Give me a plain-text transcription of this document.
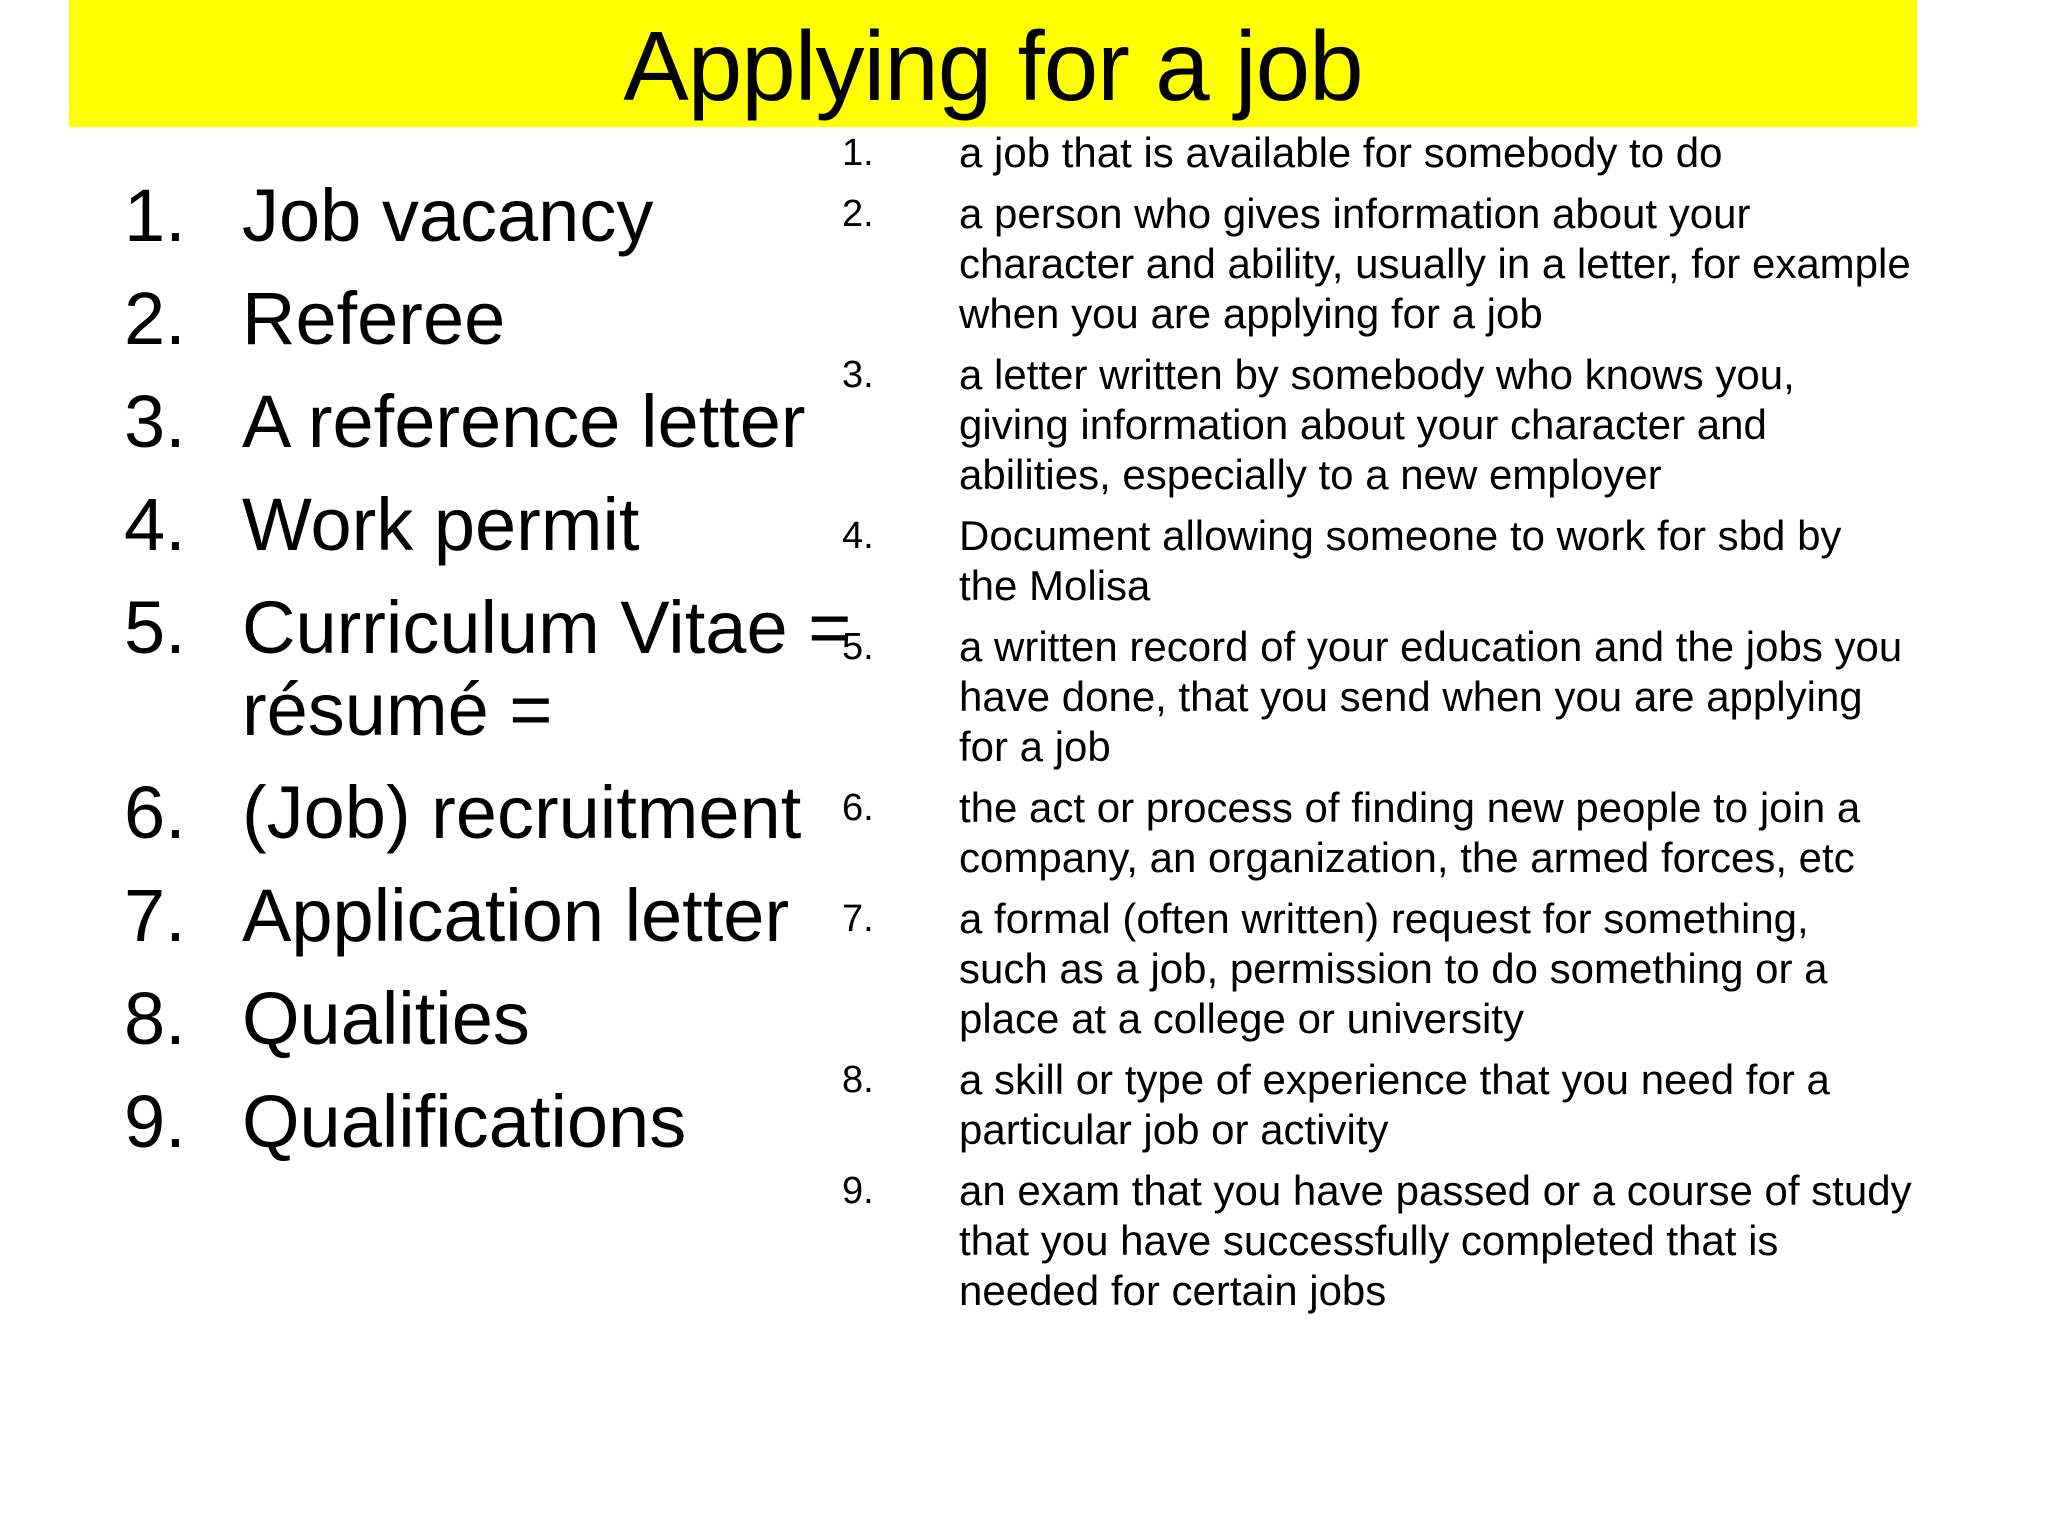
Applying for a job
1. Job vacancy
2. Referee
3. A reference letter
4. Work permit
5. Curriculum Vitae =
résumé =
6. (Job) recruitment
7. Application letter
8. Qualities
9. Qualifications
1.	a job that is available for somebody to do
2.	a person who gives information about your
character and ability, usually in a letter, for example
when you are applying for a job
3.	a letter written by somebody who knows you,
giving information about your character and
abilities, especially to a new employer
4.	Document allowing someone to work for sbd by
the Molisa
5.	a written record of your education and the jobs you
have done, that you send when you are applying
for a job
6.	the act or process of finding new people to join a
company, an organization, the armed forces, etc
7.	a formal (often written) request for something,
such as a job, permission to do something or a
place at a college or university
8.	a skill or type of experience that you need for a
particular job or activity
9.	an exam that you have passed or a course of study
that you have successfully completed that is
needed for certain jobs
